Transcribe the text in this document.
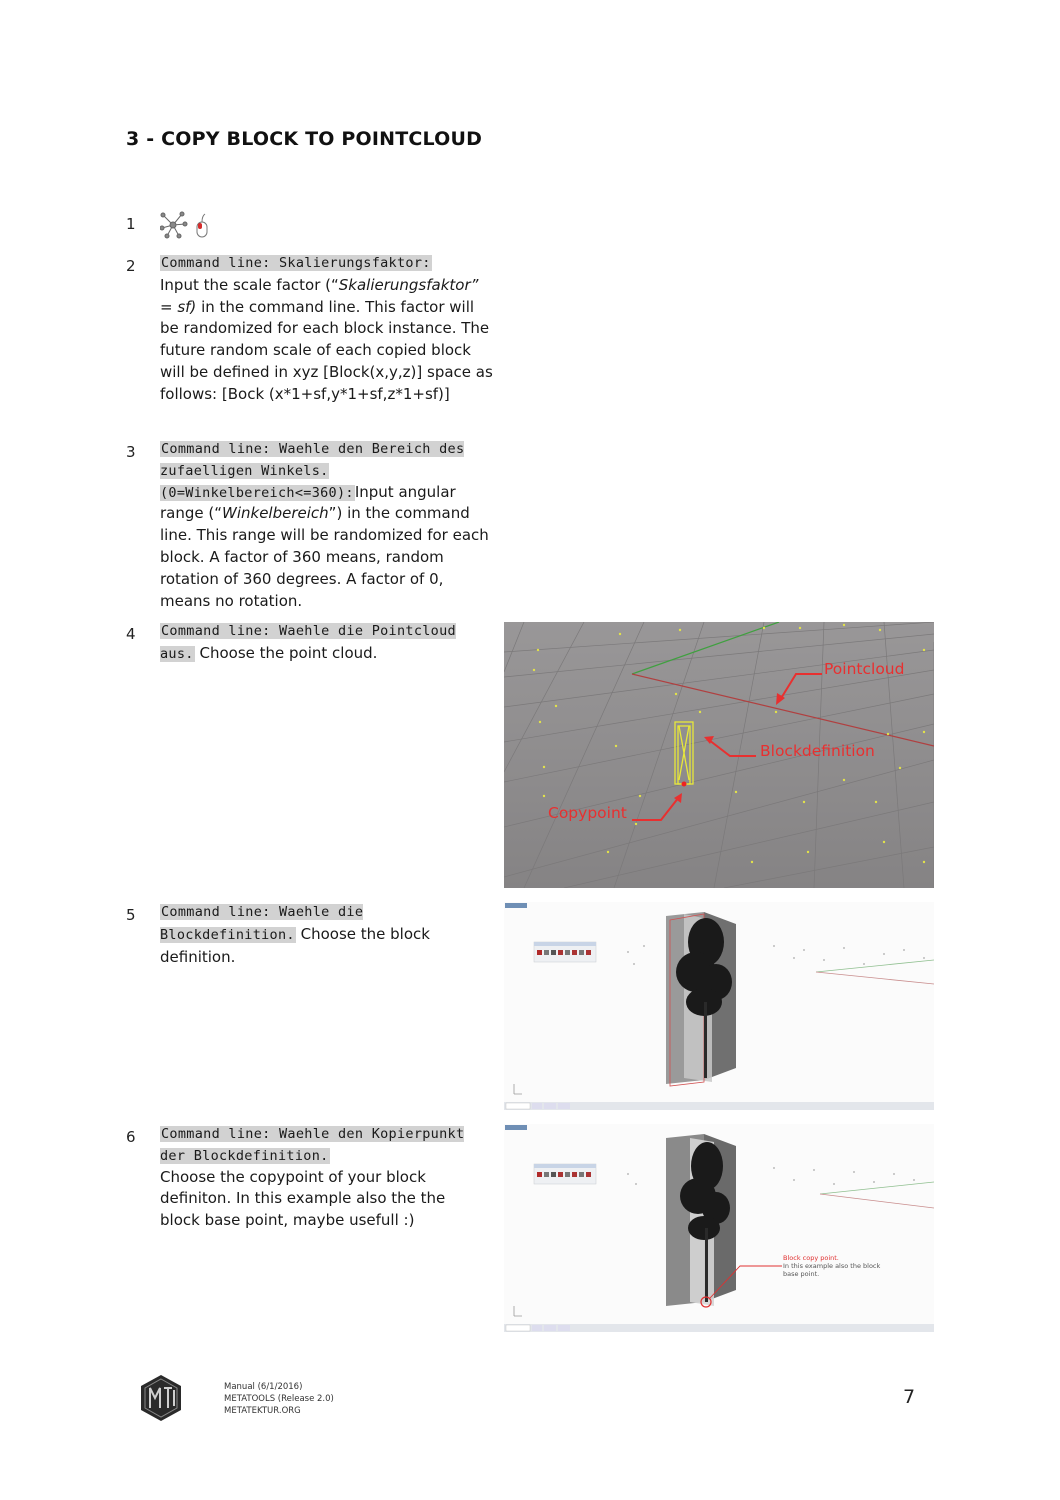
3 - COPY BLOCK TO POINTCLOUD
1
2 Command line: Skalierungsfaktor:
Input the scale factor (“Skalierungsfaktor” = sf) in the command line. This factor will be randomized for each block instance. The future random scale of each copied block will be defined in xyz [Block(x,y,z)] space as follows: [Bock (x*1+sf,y*1+sf,z*1+sf)]
3 Command line: Waehle den Bereich des zufaelligen Winkels. (0=Winkelbereich<=360):Input angular range (“Winkelbereich”) in the command line. This range will be randomized for each block. A factor of 360 means, random rotation of 360 degrees. A factor of 0, means no rotation.
4 Command line: Waehle die Pointcloud aus. Choose the point cloud.
Pointcloud
Blockdefinition
Copypoint
5 Command line: Waehle die Blockdefinition. Choose the block definition.
6 Command line: Waehle den Kopierpunkt der Blockdefinition.
Choose the copypoint of your block definiton. In this example also the the block base point, maybe usefull :)
Block copy point.
In this example also the block base point.
Manual (6/1/2016)
METATOOLS (Release 2.0)
METATEKTUR.ORG
7
